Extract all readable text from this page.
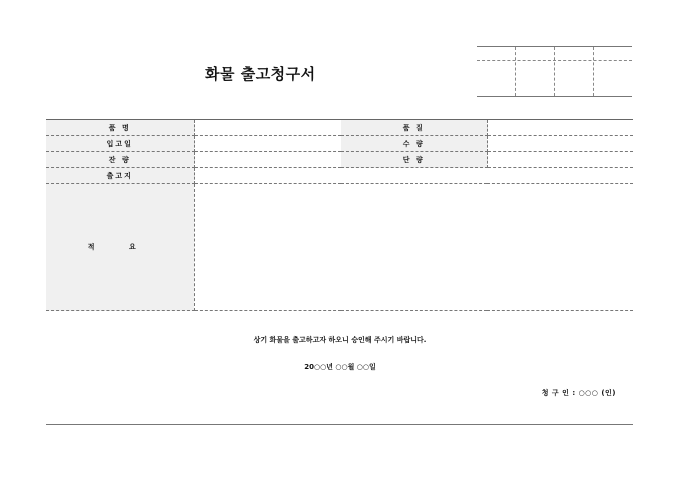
화물 출고청구서
품 명		품 질	
입고일		수 량	
잔 량		단 량	
출고지			
적 요			
상기 화물을 출고하고자 하오니 승인해 주시기 바랍니다.
20○○년 ○○월 ○○일
청 구 인 : ○○○ (인)
